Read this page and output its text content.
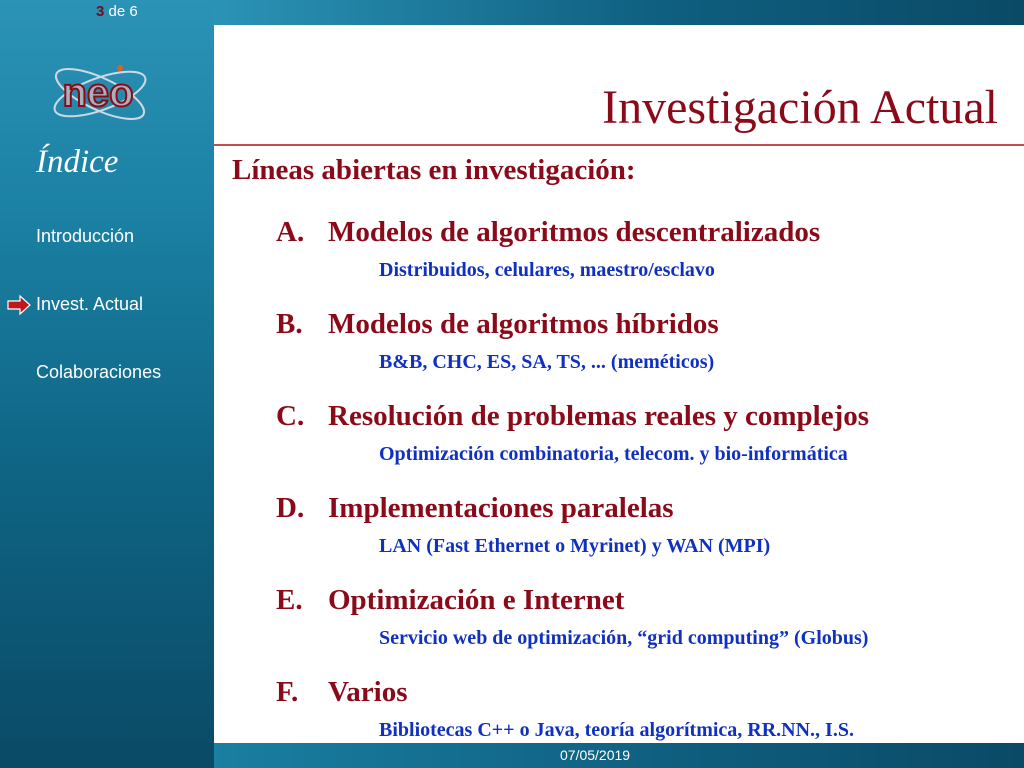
3 de 6
neo
Índice
Introducción
Invest. Actual
Colaboraciones
Investigación Actual
Líneas abiertas en investigación:
A. Modelos de algoritmos descentralizados
Distribuidos, celulares, maestro/esclavo
B. Modelos de algoritmos híbridos
B&B, CHC, ES, SA, TS, ... (meméticos)
C. Resolución de problemas reales y complejos
Optimización combinatoria, telecom. y bio-informática
D. Implementaciones paralelas
LAN (Fast Ethernet o Myrinet) y WAN (MPI)
E. Optimización e Internet
Servicio web de optimización, “grid computing” (Globus)
F. Varios
Bibliotecas C++ o Java, teoría algorítmica, RR.NN., I.S.
07/05/2019
